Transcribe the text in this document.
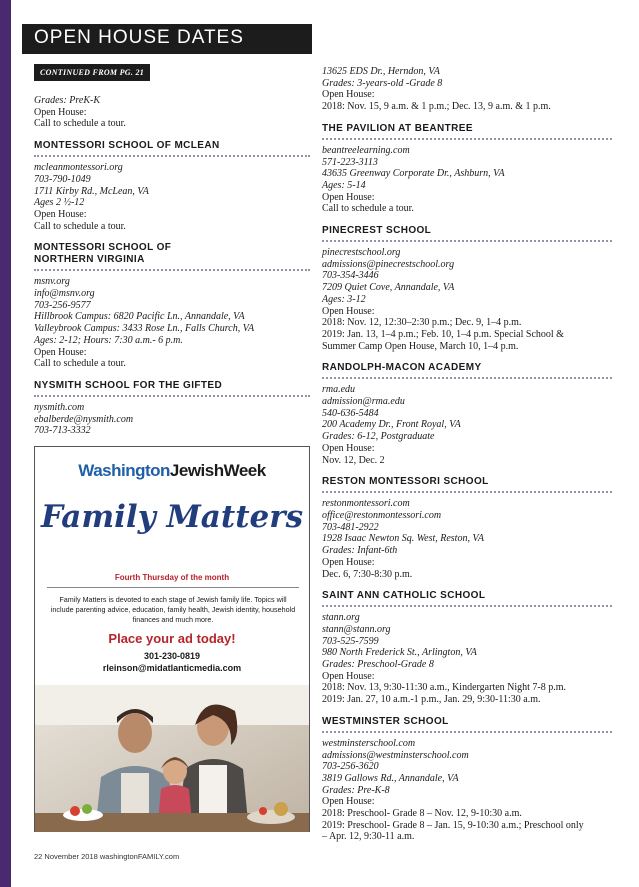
OPEN HOUSE DATES
CONTINUED FROM PG. 21
Grades: PreK-K
Open House:
Call to schedule a tour.
MONTESSORI SCHOOL OF MCLEAN
mcleanmontessori.org
703-790-1049
1711 Kirby Rd., McLean, VA
Ages 2 ½-12
Open House:
Call to schedule a tour.
MONTESSORI SCHOOL OF NORTHERN VIRGINIA
msnv.org
info@msnv.org
703-256-9577
Hillbrook Campus: 6820 Pacific Ln., Annandale, VA
Valleybrook Campus: 3433 Rose Ln., Falls Church, VA
Ages: 2-12; Hours: 7:30 a.m.- 6 p.m.
Open House:
Call to schedule a tour.
NYSMITH SCHOOL FOR THE GIFTED
nysmith.com
ebalberde@nysmith.com
703-713-3332
13625 EDS Dr., Herndon, VA
Grades: 3-years-old -Grade 8
Open House:
2018: Nov. 15, 9 a.m. & 1 p.m.; Dec. 13, 9 a.m. & 1 p.m.
THE PAVILION AT BEANTREE
beantreelearning.com
571-223-3113
43635 Greenway Corporate Dr., Ashburn, VA
Ages: 5-14
Open House:
Call to schedule a tour.
PINECREST SCHOOL
pinecrestschool.org
admissions@pinecrestschool.org
703-354-3446
7209 Quiet Cove, Annandale, VA
Ages: 3-12
Open House:
2018: Nov. 12, 12:30–2:30 p.m.; Dec. 9, 1–4 p.m.
2019: Jan. 13, 1–4 p.m.; Feb. 10, 1–4 p.m. Special School &
Summer Camp Open House, March 10, 1–4 p.m.
RANDOLPH-MACON ACADEMY
rma.edu
admission@rma.edu
540-636-5484
200 Academy Dr., Front Royal, VA
Grades: 6-12, Postgraduate
Open House:
Nov. 12, Dec. 2
RESTON MONTESSORI SCHOOL
restonmontessori.com
office@restonmontessori.com
703-481-2922
1928 Isaac Newton Sq. West, Reston, VA
Grades: Infant-6th
Open House:
Dec. 6, 7:30-8:30 p.m.
SAINT ANN CATHOLIC SCHOOL
stann.org
stann@stann.org
703-525-7599
980 North Frederick St., Arlington, VA
Grades: Preschool-Grade 8
Open House:
2018: Nov. 13, 9:30-11:30 a.m., Kindergarten Night 7-8 p.m.
2019: Jan. 27, 10 a.m.-1 p.m., Jan. 29, 9:30-11:30 a.m.
WESTMINSTER SCHOOL
westminsterschool.com
admissions@westminsterschool.com
703-256-3620
3819 Gallows Rd., Annandale, VA
Grades: Pre-K-8
Open House:
2018: Preschool- Grade 8 – Nov. 12, 9-10:30 a.m.
2019: Preschool- Grade 8 – Jan. 15, 9-10:30 a.m.; Preschool only
– Apr. 12, 9:30-11 a.m.
WashingtonJewishWeek
Family Matters
Fourth Thursday of the month
Family Matters is devoted to each stage of Jewish family life. Topics will include parenting advice, education, family health, Jewish identity, household finances and much more.
Place your ad today!
301-230-0819
rleinson@midatlanticmedia.com
22 November 2018 washingtonFAMILY.com
